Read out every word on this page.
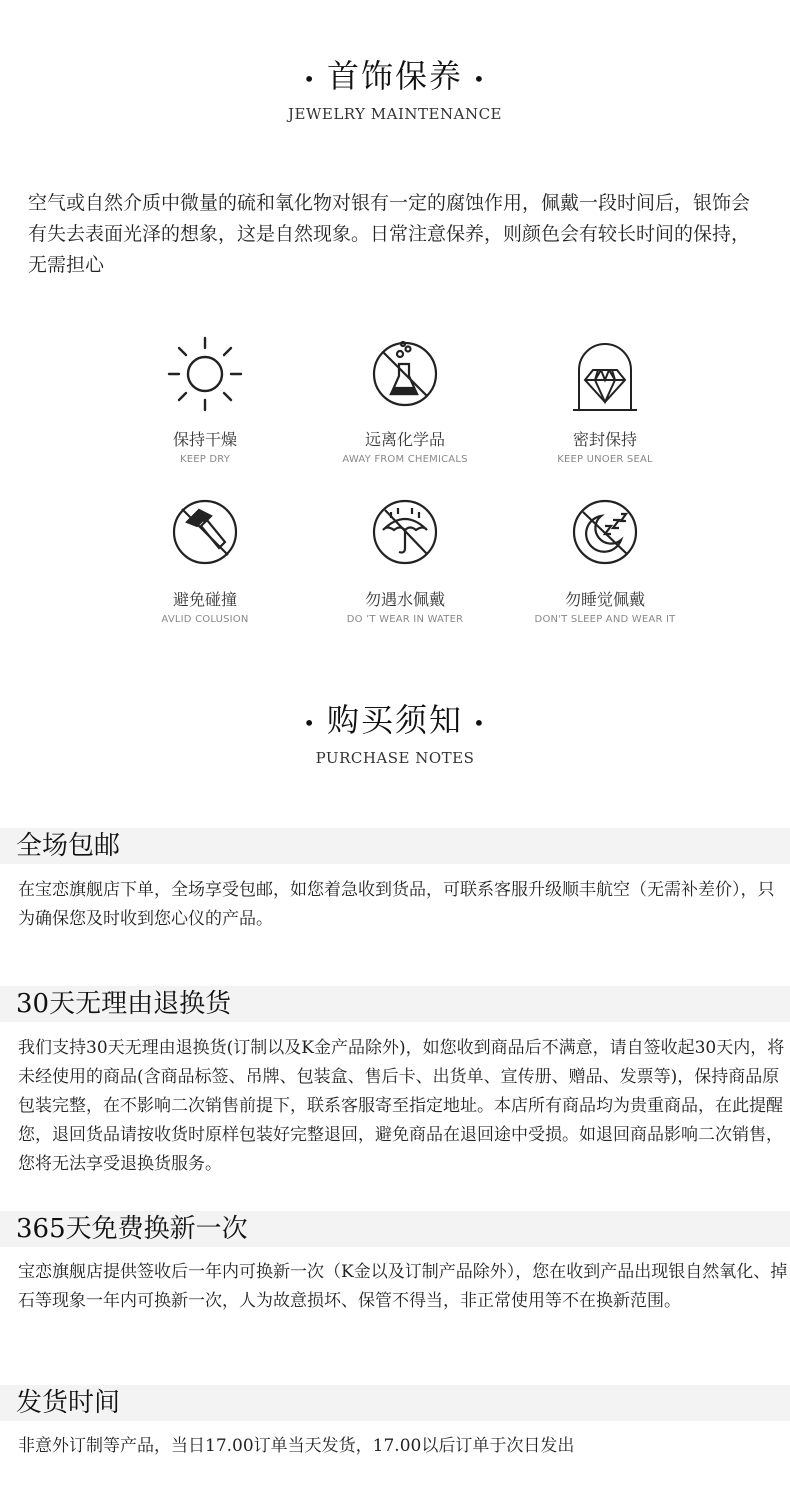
• 首饰保养 •
JEWELRY MAINTENANCE
空气或自然介质中微量的硫和氧化物对银有一定的腐蚀作用，佩戴一段时间后，银饰会有失去表面光泽的想象，这是自然现象。日常注意保养，则颜色会有较长时间的保持，无需担心
保持干燥
KEEP DRY
远离化学品
AWAY FROM CHEMICALS
密封保持
KEEP UNOER SEAL
避免碰撞
AVLID COLUSION
勿遇水佩戴
DO ’T WEAR IN WATER
勿睡觉佩戴
DON'T SLEEP AND WEAR IT
• 购买须知 •
PURCHASE NOTES
全场包邮
在宝恋旗舰店下单，全场享受包邮，如您着急收到货品，可联系客服升级顺丰航空（无需补差价），只为确保您及时收到您心仪的产品。
30天无理由退换货
我们支持30天无理由退换货(订制以及K金产品除外)，如您收到商品后不满意，请自签收起30天内，将未经使用的商品(含商品标签、吊牌、包装盒、售后卡、出货单、宣传册、赠品、发票等)，保持商品原包装完整，在不影响二次销售前提下，联系客服寄至指定地址。本店所有商品均为贵重商品，在此提醒您，退回货品请按收货时原样包装好完整退回，避免商品在退回途中受损。如退回商品影响二次销售，您将无法享受退换货服务。
365天免费换新一次
宝恋旗舰店提供签收后一年内可换新一次（K金以及订制产品除外），您在收到产品出现银自然氧化、掉石等现象一年内可换新一次，人为故意损坏、保管不得当，非正常使用等不在换新范围。
发货时间
非意外订制等产品，当日17.00订单当天发货，17.00以后订单于次日发出
